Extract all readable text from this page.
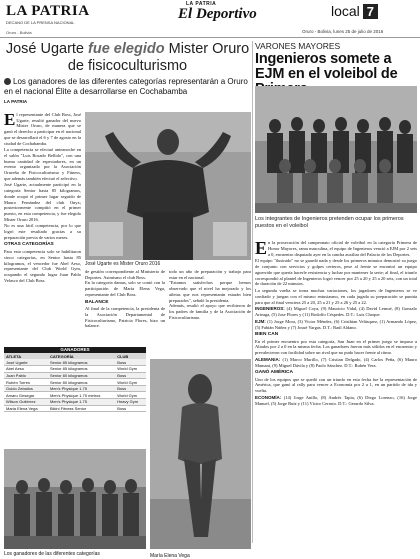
LA PATRIA
DECANO DE LA PRENSA NACIONAL
Oruro - Bolivia
LA PATRIA
El Deportivo	local 7
Oruro - Bolivia, lunes 25 de julio de 2016
José Ugarte fue elegido Mister Oruro de fisicoculturismo
Los ganadores de las diferentes categorías representarán a Oruro en el nacional Élite a desarrollarse en Cochabamba
LA PATRIA

El representante del Club Boss, José Ugarte, resultó ganador del nuevo Mister Oruro, de manera que se ganó el derecho a participar en el nacional que se desarrollará el 6 y 7 de agosto en la ciudad de Cochabamba.

La competencia se efectuó anteanoche en el salón "Luis Rosado Bellido", con una buena cantidad de espectadores, en un evento organizado por la Asociación Orureña de Fisicoculturismo y Fitness, que además también efectuó el selectivo.

José Ugarte, actualmente participó en la categoría Senior hasta 85 kilogramos, donde ocupó el primer lugar seguido de Mauro Fernández del club Onyx; posteriormente compitió en el primer puesto, en esta competencia, y fue elegido Mister Oruro 2016.

No es una fácil competencia, por lo que logró este resultado gracias a su preparación previa de varios meses.

OTRAS CATEGORÍAS

Para esta competencia solo se habilitaron cinco categorías, en Senior hasta 85 kilogramos, el vencedor fue Abel Aeso, representante del Club World Gym, ocupando el segundo lugar Juan Pablo Velasco del Club Boss.

José Ugarte es Mister Oruro 2016

de gestión correspondiente al Ministerio de Deportes. Asimismo el club Boss.

En la categoría damas, solo se contó con la participación de María Elena Vega, representante del Club Boss.

BALANCE

Al final de la competencia, la presidenta de la Asociación Departamental de Fisicoculturismo, Patricia Flores, hizo un balance.

todo un año de preparación y trabajo para estar en el nacional.

"Estamos satisfechos porque hemos observado que el nivel ha mejorado y los atletas que nos representarán estarán bien preparados", señaló la presidenta.

Además, resaltó el apoyo que recibieron de los padres de familia y de la Asociación de Fisicoculturismo.

GANADORES
ATLETA	CATEGORÍA	CLUB
José Ugarte	Senior 85 kilogramos	Boss
Abel Aeso	Senior 85 kilogramos	World Gym
Juan Pablo	Senior 80 kilogramos	Boss
Rubén Torres	Senior 80 kilogramos	World Gym
Guido Zeballos	Men's Physique 1.75	Boss
Amaru Gesegar	Men's Physique 1.75 metros	World Gym
Wilson Gutiérrez	Men's Physique 1.75	Heavy Gym
Maria Elena Vega	Bikini Fitness Senior	Boss
Los ganadores de las diferentes categorías	María Elena Vega
VARONES MAYORES
Ingenieros somete a EJM en el voleibol de
Los integrantes de Ingenieros pretenden ocupar los primeros puestos en el voleibol

En la prosecución del campeonato oficial de voleibol en la categoría Primera de Honor Mayores, rama masculina, el equipo de Ingenieros venció a EJM por 2 sets a 0, encuentro disputado ayer en la cancha auxiliar del Palacio de los Deportes.

El equipo "ilustrado" no se guardó nada y desde los primeros minutos demostró su juego de conjunto con servicios y golpes certeros, pese al frente se encontró un equipo aguerrido que quería hacerle resistencia y luchar por mantener la serie; al final, el triunfo correspondió al plantel de Ingenieros logró vencer por 25 a 20 y 25 a 20 sets, con un total de duración de 22 minutos.

La segunda vuelta se torna muchas variaciones, los jugadores de Ingenieros se ve confiado y juegan con el mismo entusiasmo, en cada jugada su preparación se puntúa para que al final venciera 25 a 20, 25 a 21 y 25 a 26 y 25 a 22.

INGENIEROS: (4) Miguel Coya, (9) Mauricio Vidal, (4) David Lemué, (8) Gonzalo Arteaga, (5) Jose Flores y (11) Rodolfo Céspedes. D.T.: Luis Choque.

EJM: (1) Jorge Mora, (3) Victor Méndez, (6) Cristhian Velásquez, (1) Armando López, (5) Fabián Núñez y (7) Josué Vargas. D.T.: Raúl Aldano.

BIEN CAN

En el primer encuentro por esta categoría, San Juan en el primer juego se impuso a Aliados por 2 a 0 en la misma fecha. Los ganadores fueron más sólidos en el encuentro y prevalecieron con facilidad sobre un rival que no pudo hacer frente al ritmo.

ALEMANIA: (1) Marco Murillo, (7) Cristian Delgado, (4) Carlos Peña, (6) Mauro Mamani, (9) Miguel Dávila y (8) Paolo Sánchez. D.T.: Rubén Vera.

GANÓ AMÉRICA

Uno de los equipos que se quedó con un triunfo en esta fecha fue la representación de América, que ganó al rally para vencer a Economía por 2 a 1, en un partido de ida y vuelta.

ECONOMÍA: (14) Jorge Anillo, (8) Andrés Tapia, (6) Diego Lorenzo, (16) Jorge Manuel, (5) Jorge Ruíz y (11) Víctor Cerruto. D.T.: Gerardo Silva.
